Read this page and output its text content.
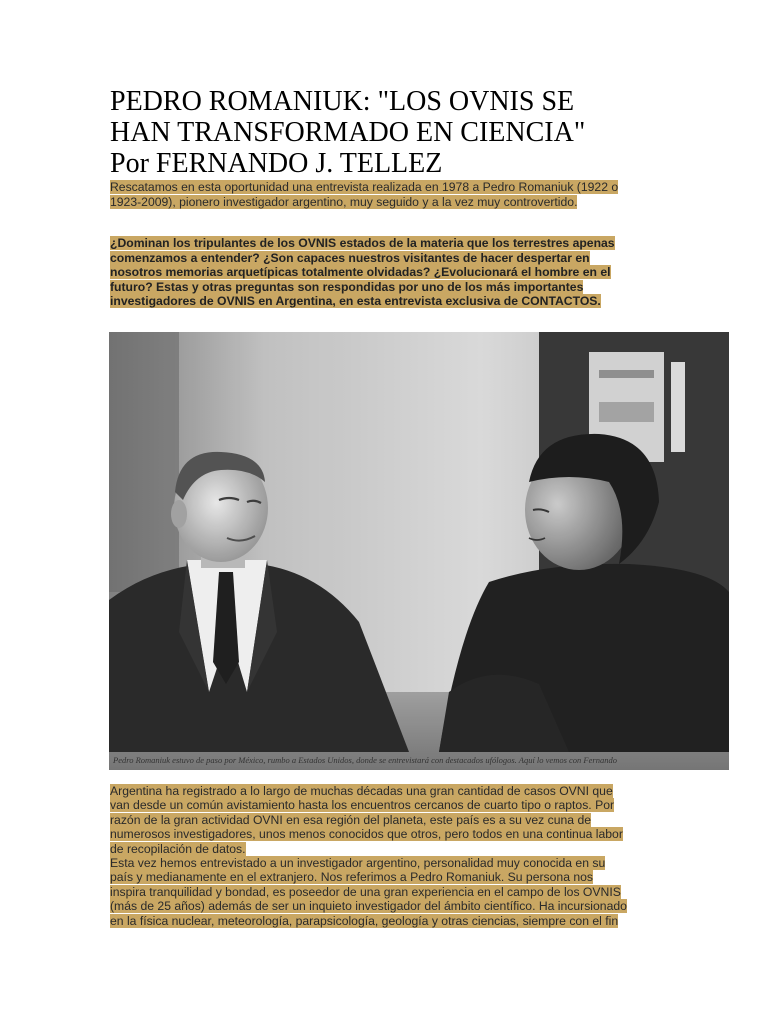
PEDRO ROMANIUK: "LOS OVNIS SE
HAN TRANSFORMADO EN CIENCIA"
Por FERNANDO J. TELLEZ
Rescatamos en esta oportunidad una entrevista realizada en 1978 a Pedro Romaniuk (1922 o
1923-2009), pionero investigador argentino, muy seguido y a la vez muy controvertido.
¿Dominan los tripulantes de los OVNIS estados de la materia que los terrestres apenas
comenzamos a entender? ¿Son capaces nuestros visitantes de hacer despertar en
nosotros memorias arquetípicas totalmente olvidadas? ¿Evolucionará el hombre en el
futuro? Estas y otras preguntas son respondidas por uno de los más importantes
investigadores de OVNIS en Argentina, en esta entrevista exclusiva de CONTACTOS.
Pedro Romaniuk estuvo de paso por México, rumbo a Estados Unidos, donde se entrevistará con destacados ufólogos. Aquí lo vemos con Fernando
Argentina ha registrado a lo largo de muchas décadas una gran cantidad de casos OVNI que
van desde un común avistamiento hasta los encuentros cercanos de cuarto tipo o raptos. Por
razón de la gran actividad OVNI en esa región del planeta, este país es a su vez cuna de
numerosos investigadores, unos menos conocidos que otros, pero todos en una continua labor
de recopilación de datos.
Esta vez hemos entrevistado a un investigador argentino, personalidad muy conocida en su
país y medianamente en el extranjero. Nos referimos a Pedro Romaniuk. Su persona nos
inspira tranquilidad y bondad, es poseedor de una gran experiencia en el campo de los OVNIS
(más de 25 años) además de ser un inquieto investigador del ámbito científico. Ha incursionado
en la física nuclear, meteorología, parapsicología, geología y otras ciencias, siempre con el fin
